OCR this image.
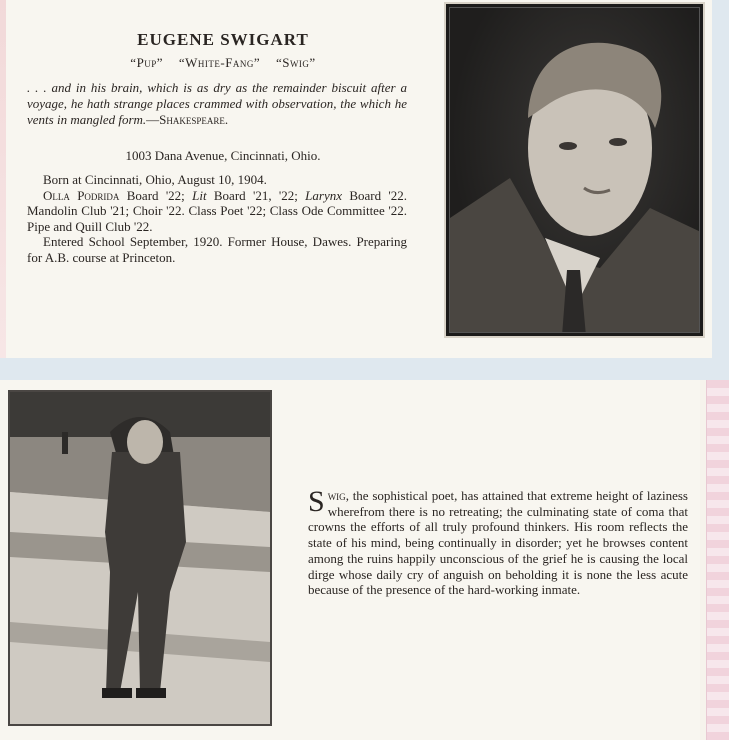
EUGENE SWIGART
“Pup” “White-Fang” “Swig”
. . . and in his brain, which is as dry as the remainder biscuit after a voyage, he hath strange places crammed with observation, the which he vents in mangled form.—Shakespeare.
1003 Dana Avenue, Cincinnati, Ohio.

Born at Cincinnati, Ohio, August 10, 1904.

Olla Podrida Board '22; Lit Board '21, '22; Larynx Board '22. Mandolin Club '21; Choir '22. Class Poet '22; Class Ode Committee '22. Pipe and Quill Club '22.

Entered School September, 1920. Former House, Dawes. Preparing for A.B. course at Princeton.

Swig, the sophistical poet, has attained that extreme height of laziness wherefrom there is no retreating; the culminating state of coma that crowns the efforts of all truly profound thinkers. His room reflects the state of his mind, being continually in disorder; yet he browses content among the ruins happily unconscious of the grief he is causing the local dirge whose daily cry of anguish on beholding it is none the less acute because of the presence of the hard-working inmate.
